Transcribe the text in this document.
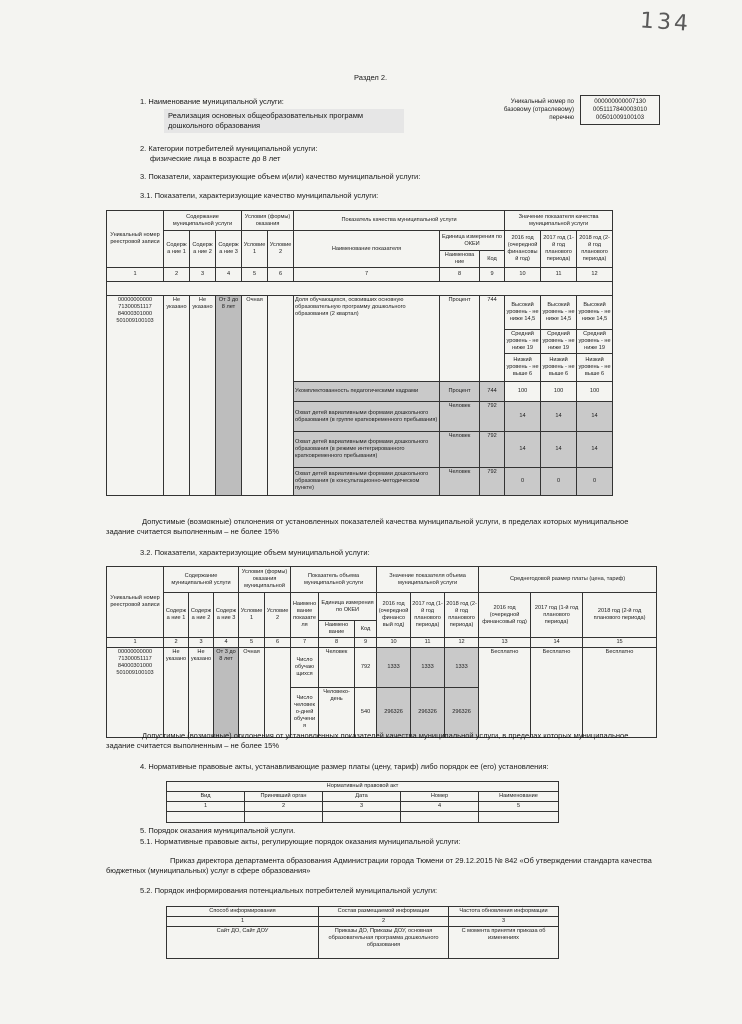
134
Раздел 2.
1. Наименование муниципальной услуги:
Реализация основных общеобразовательных программ дошкольного образования
Уникальный номер по базовому (отраслевому) перечню
000000000007130
0051117840003010
00501009100103
2. Категории потребителей муниципальной услуги:
физические лица в возрасте до 8 лет
3. Показатели, характеризующие объем и(или) качество муниципальной услуги:
3.1. Показатели, характеризующие качество муниципальной услуги:
Уникальный номер реестровой записи	Содержание муниципальной услуги			Условия (формы) оказания		Показатель качества муниципальной услуги			Значение показателя качества муниципальной услуги			
	Содержа ние 1	Содержа ние 2	Содержа ние 3	Условие 1	Условие 2	Наименование показателя	Единица измерения по ОКЕИ		2016 год (очередной финансовый год)	2017 год (1-й год планового периода)	2018 год (2-й год планового периода)	
							Наименова ние	Код				
1	2	3	4	5	6	7	8	9	10	11	12	

00000000000 71300051117 84000301000 501009100103	Не указано	Не указано	От 3 до 8 лет	Очная		Доля обучающихся, освоивших основную образовательную программу дошкольного образования (2 квартал)	Процент	744	Высокий уровень - не ниже 14,5	Высокий уровень - не ниже 14,5	Высокий уровень - не ниже 14,5	
									Средний уровень - не ниже 19	Средний уровень - не ниже 19	Средний уровень - не ниже 19	
									Низкий уровень - не выше 6	Низкий уровень - не выше 6	Низкий уровень - не выше 6	
						Укомплектованность педагогическими кадрами	Процент	744	100	100	100	
						Охват детей вариативными формами дошкольного образования (в группе кратковременного пребывания)	Человек	792	14	14	14	
						Охват детей вариативными формами дошкольного образования (в режиме интегрированного кратковременного пребывания)	Человек	792	14	14	14	
						Охват детей вариативными формами дошкольного образования (в консультационно-методическом пункте)	Человек	792	0	0	0	
Допустимые (возможные) отклонения от установленных показателей качества муниципальной услуги, в пределах которых муниципальное задание считается выполненным – не более 15%
3.2. Показатели, характеризующие объем муниципальной услуги:
Уникальный номер реестровой записи	Содержание муниципальной услуги			Условия (формы) оказания муниципальной		Показатель объема муниципальной услуги			Значение показателя объема муниципальной услуги			Среднегодовой размер платы (цена, тариф)		
	Содержа ние 1	Содержа ние 2	Содержа ние 3	Условие 1	Условие 2	Наимено вание показате ля	Единица измерения по ОКЕИ		2016 год (очередной финансо вый год)	2017 год (1-й год планового периода)	2018 год (2-й год планового периода)	2016 год (очередной финансовый год)	2017 год (1-й год планового периода)	2018 год (2-й год планового периода)
							Наимено вание	Код						
1	2	3	4	5	6	7	8	9	10	11	12	13	14	15
00000000000 71300051117 84000301000 501009100103	Не указано	Не указано	От 3 до 8 лет	Очная		Число обучаю щихся	Человек	792	1333	1333	1333	Бесплатно	Бесплатно	Бесплатно
						Число человек о-дней обучени я	Человеко-день	540	296326	296326	296326			
Допустимые (возможные) отклонения от установленных показателей качества муниципальной услуги, в пределах которых муниципальное задание считается выполненным – не более 15%
4. Нормативные правовые акты, устанавливающие размер платы (цену, тариф) либо порядок ее (его) установления:
Нормативный правовой акт				
Вид	Принявший орган	Дата	Номер	Наименование
1	2	3	4	5

5. Порядок оказания муниципальной услуги.
5.1. Нормативные правовые акты, регулирующие порядок оказания муниципальной услуги:
Приказ директора департамента образования Администрации города Тюмени от 29.12.2015 № 842 «Об утверждении стандарта качества бюджетных (муниципальных) услуг в сфере образования»
5.2. Порядок информирования потенциальных потребителей муниципальной услуги:
Способ информирования	Состав размещаемой информации	Частота обновления информации
1	2	3
Сайт ДО, Сайт ДОУ	Приказы ДО, Приказы ДОУ, основная образовательная программа дошкольного образования	С момента принятия приказа об изменениях
